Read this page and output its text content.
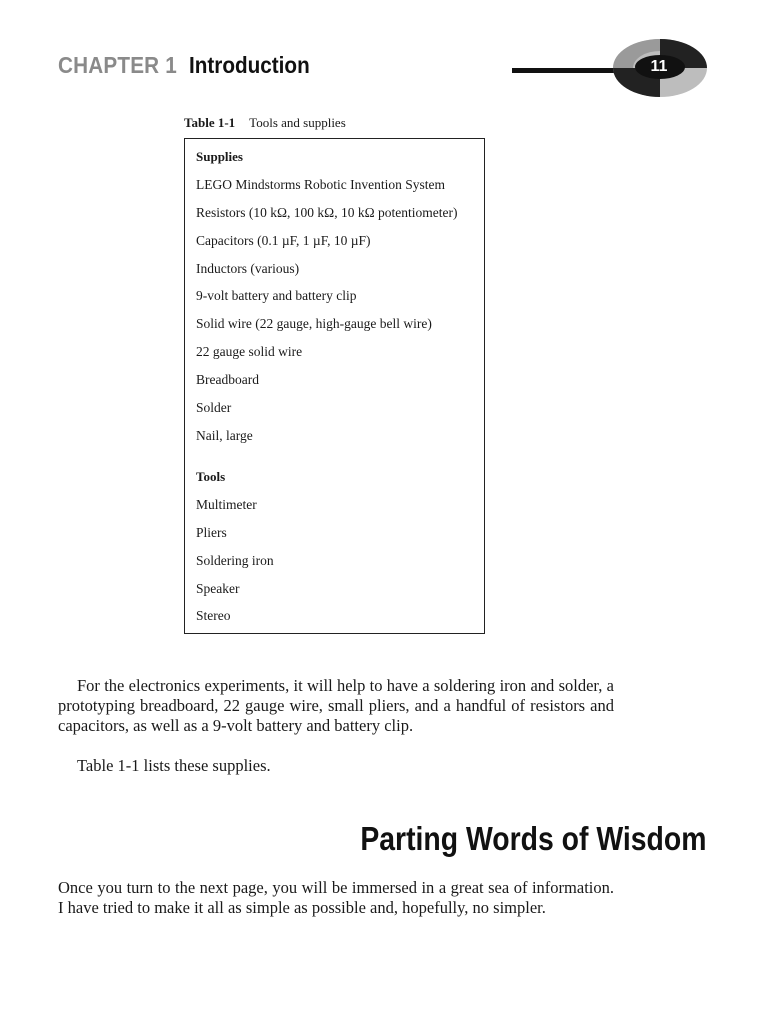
CHAPTER 1 Introduction	11
Table 1-1 Tools and supplies
Supplies
LEGO Mindstorms Robotic Invention System
Resistors (10 kΩ, 100 kΩ, 10 kΩ potentiometer)
Capacitors (0.1 µF, 1 µF, 10 µF)
Inductors (various)
9-volt battery and battery clip
Solid wire (22 gauge, high-gauge bell wire)
22 gauge solid wire
Breadboard
Solder
Nail, large
Tools
Multimeter
Pliers
Soldering iron
Speaker
Stereo

For the electronics experiments, it will help to have a soldering iron and solder, a prototyping breadboard, 22 gauge wire, small pliers, and a handful of resistors and capacitors, as well as a 9-volt battery and battery clip.

Table 1-1 lists these supplies.

Parting Words of Wisdom

Once you turn to the next page, you will be immersed in a great sea of information. I have tried to make it all as simple as possible and, hopefully, no simpler.
